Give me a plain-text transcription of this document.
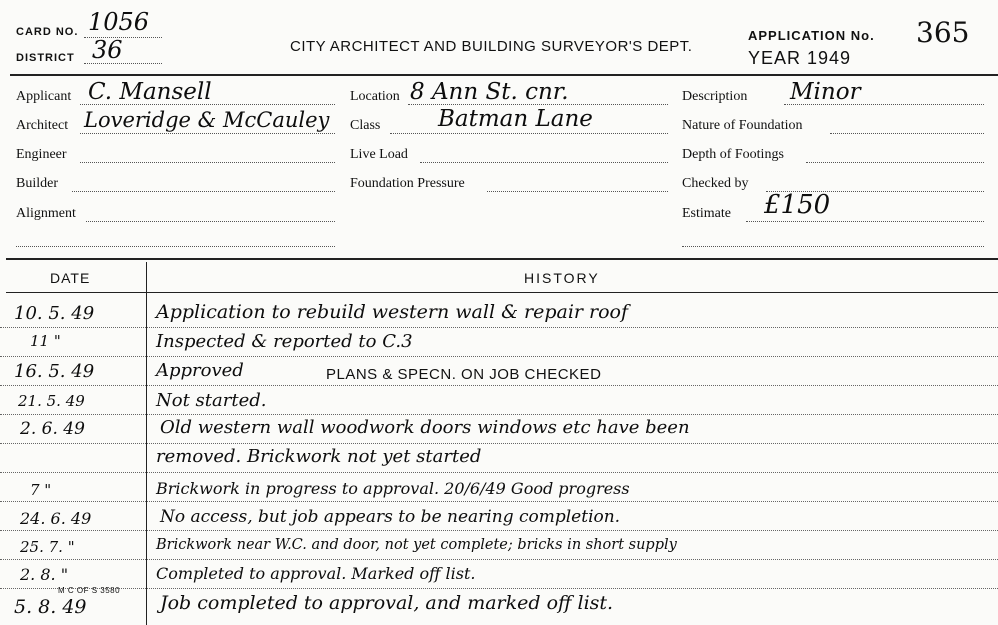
CARD NO. 1056
DISTRICT 36	CITY ARCHITECT AND BUILDING SURVEYOR'S DEPT.
APPLICATION No. 365
YEAR 1949
Applicant C. Mansell
Architect Loveridge & McCauley
Engineer
Builder
Alignment
Location 8 Ann St. cnr.
Class	Batman Lane
Live Load
Foundation Pressure
Description Minor
Nature of Foundation
Depth of Footings
Checked by
Estimate £150
DATE	HISTORY
10. 5. 49	Application to rebuild western wall & repair roof
11 "	Inspected & reported to C.3
16. 5. 49	Approved	PLANS & SPECN. ON JOB CHECKED
21. 5. 49	Not started.
2. 6. 49	Old western wall woodwork doors windows etc have been
removed. Brickwork not yet started
7 "	Brickwork in progress to approval. 20/6/49 Good progress
24. 6. 49	No access, but job appears to be nearing completion.
25. 7. "	Brickwork near W.C. and door, not yet complete; bricks in short supply
2. 8. "	Completed to approval. Marked off list.
M C OF S 3580
5. 8. 49	Job completed to approval, and marked off list.
